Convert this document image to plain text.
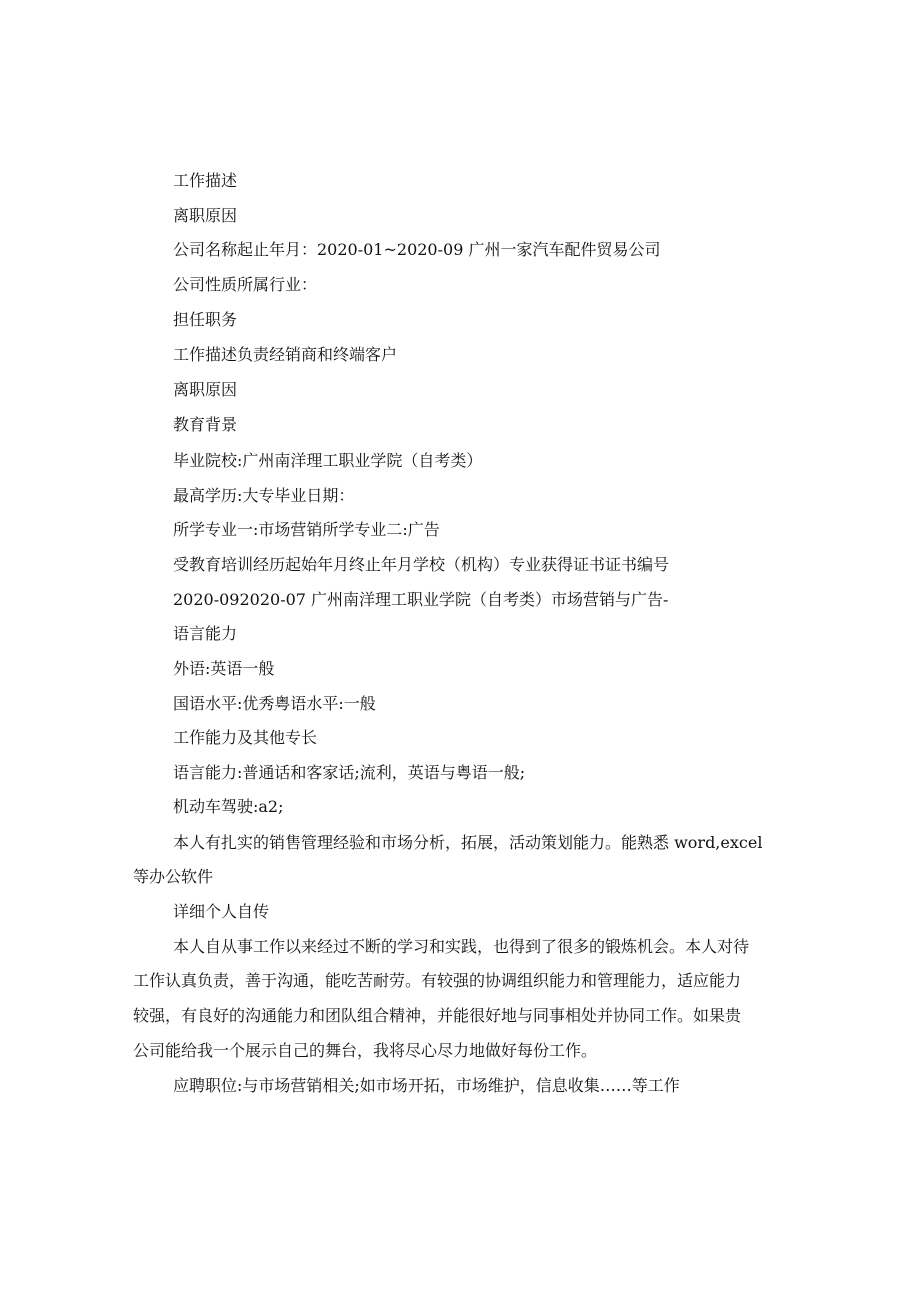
工作描述
离职原因
公司名称起止年月：2020-01~2020-09 广州一家汽车配件贸易公司
公司性质所属行业：
担任职务
工作描述负责经销商和终端客户
离职原因
教育背景
毕业院校:广州南洋理工职业学院（自考类）
最高学历:大专毕业日期：
所学专业一:市场营销所学专业二:广告
受教育培训经历起始年月终止年月学校（机构）专业获得证书证书编号
2020-092020-07 广州南洋理工职业学院（自考类）市场营销与广告-
语言能力
外语:英语一般
国语水平:优秀粤语水平:一般
工作能力及其他专长
语言能力:普通话和客家话;流利，英语与粤语一般;
机动车驾驶:a2;
本人有扎实的销售管理经验和市场分析，拓展，活动策划能力。能熟悉 word,excel
等办公软件
详细个人自传
本人自从事工作以来经过不断的学习和实践，也得到了很多的锻炼机会。本人对待
工作认真负责，善于沟通，能吃苦耐劳。有较强的协调组织能力和管理能力，适应能力
较强，有良好的沟通能力和团队组合精神，并能很好地与同事相处并协同工作。如果贵
公司能给我一个展示自己的舞台，我将尽心尽力地做好每份工作。
应聘职位:与市场营销相关;如市场开拓，市场维护，信息收集……等工作
